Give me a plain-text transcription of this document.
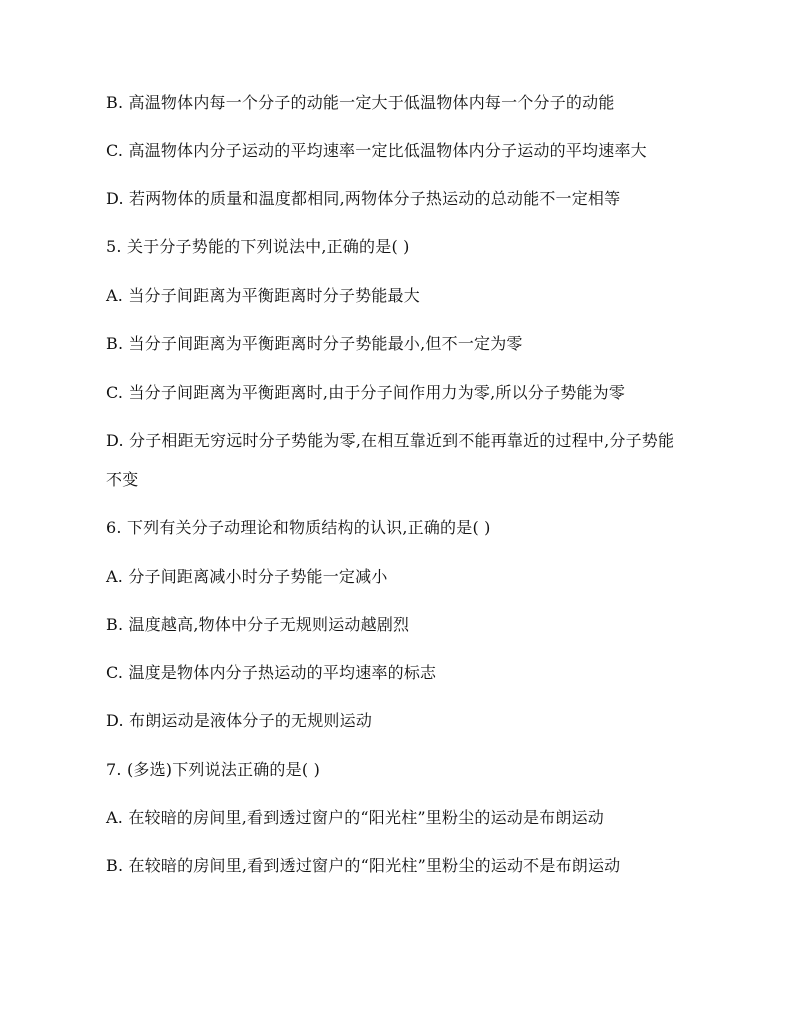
B. 高温物体内每一个分子的动能一定大于低温物体内每一个分子的动能
C. 高温物体内分子运动的平均速率一定比低温物体内分子运动的平均速率大
D. 若两物体的质量和温度都相同,两物体分子热运动的总动能不一定相等
5. 关于分子势能的下列说法中,正确的是( )
A. 当分子间距离为平衡距离时分子势能最大
B. 当分子间距离为平衡距离时分子势能最小,但不一定为零
C. 当分子间距离为平衡距离时,由于分子间作用力为零,所以分子势能为零
D. 分子相距无穷远时分子势能为零,在相互靠近到不能再靠近的过程中,分子势能
不变
6. 下列有关分子动理论和物质结构的认识,正确的是( )
A. 分子间距离减小时分子势能一定减小
B. 温度越高,物体中分子无规则运动越剧烈
C. 温度是物体内分子热运动的平均速率的标志
D. 布朗运动是液体分子的无规则运动
7. (多选)下列说法正确的是( )
A. 在较暗的房间里,看到透过窗户的“阳光柱”里粉尘的运动是布朗运动
B. 在较暗的房间里,看到透过窗户的“阳光柱”里粉尘的运动不是布朗运动
